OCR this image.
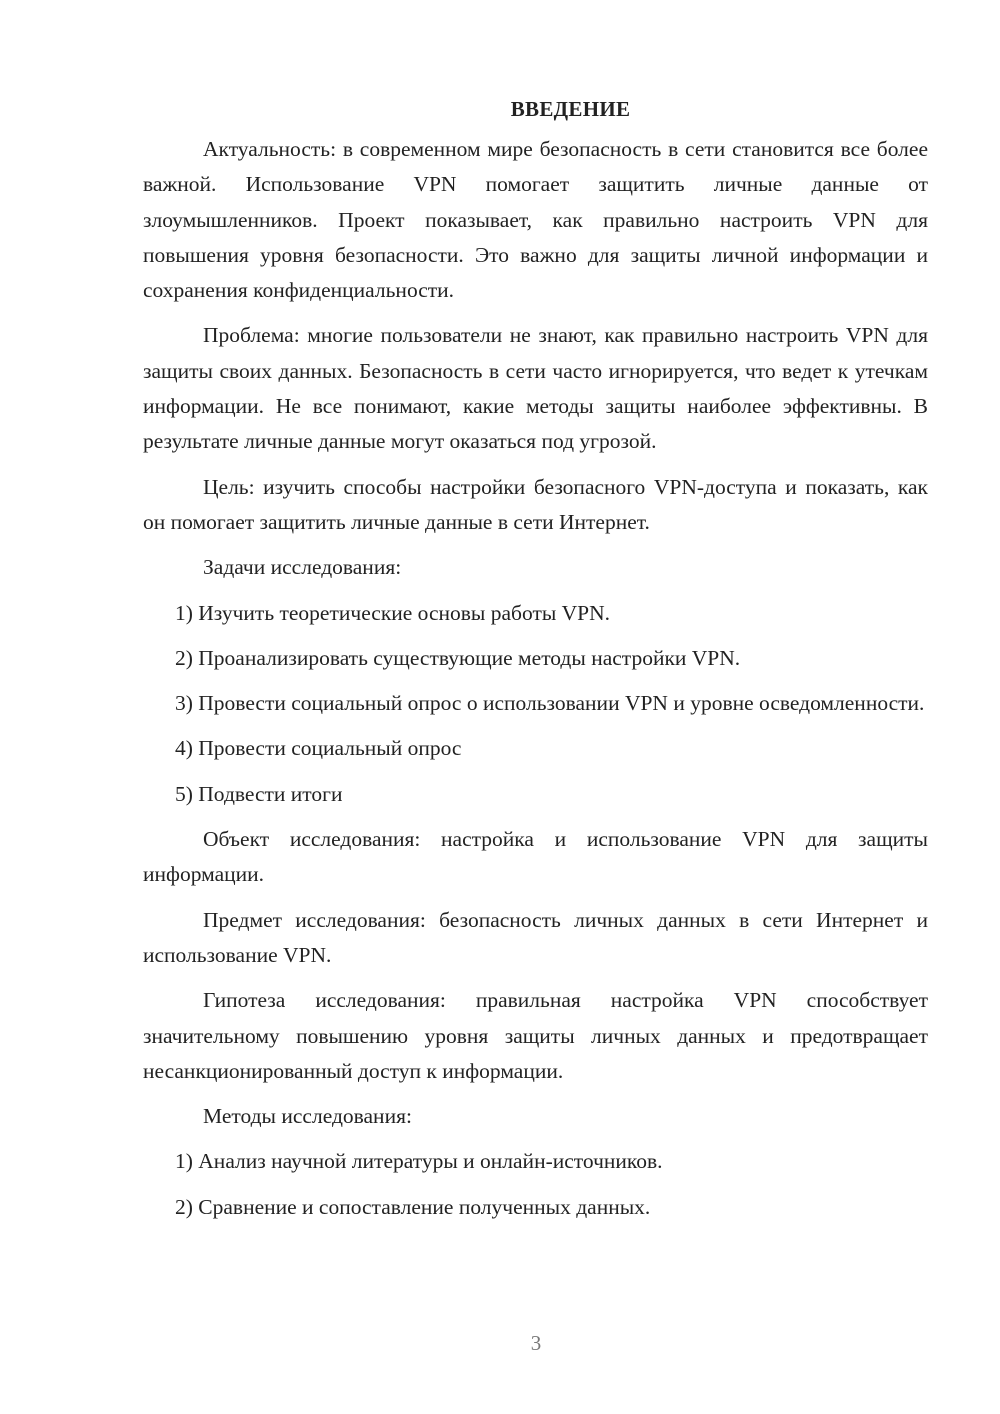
ВВЕДЕНИЕ

Актуальность: в современном мире безопасность в сети становится все более важной. Использование VPN помогает защитить личные данные от злоумышленников. Проект показывает, как правильно настроить VPN для повышения уровня безопасности. Это важно для защиты личной информации и сохранения конфиденциальности.

Проблема: многие пользователи не знают, как правильно настроить VPN для защиты своих данных. Безопасность в сети часто игнорируется, что ведет к утечкам информации. Не все понимают, какие методы защиты наиболее эффективны. В результате личные данные могут оказаться под угрозой.

Цель: изучить способы настройки безопасного VPN-доступа и показать, как он помогает защитить личные данные в сети Интернет.

Задачи исследования:

1) Изучить теоретические основы работы VPN.

2) Проанализировать существующие методы настройки VPN.

3) Провести социальный опрос о использовании VPN и уровне осведомленности.

4) Провести социальный опрос

5) Подвести итоги

Объект исследования: настройка и использование VPN для защиты информации.

Предмет исследования: безопасность личных данных в сети Интернет и использование VPN.

Гипотеза исследования: правильная настройка VPN способствует значительному повышению уровня защиты личных данных и предотвращает несанкционированный доступ к информации.

Методы исследования:

1) Анализ научной литературы и онлайн-источников.

2) Сравнение и сопоставление полученных данных.

3
